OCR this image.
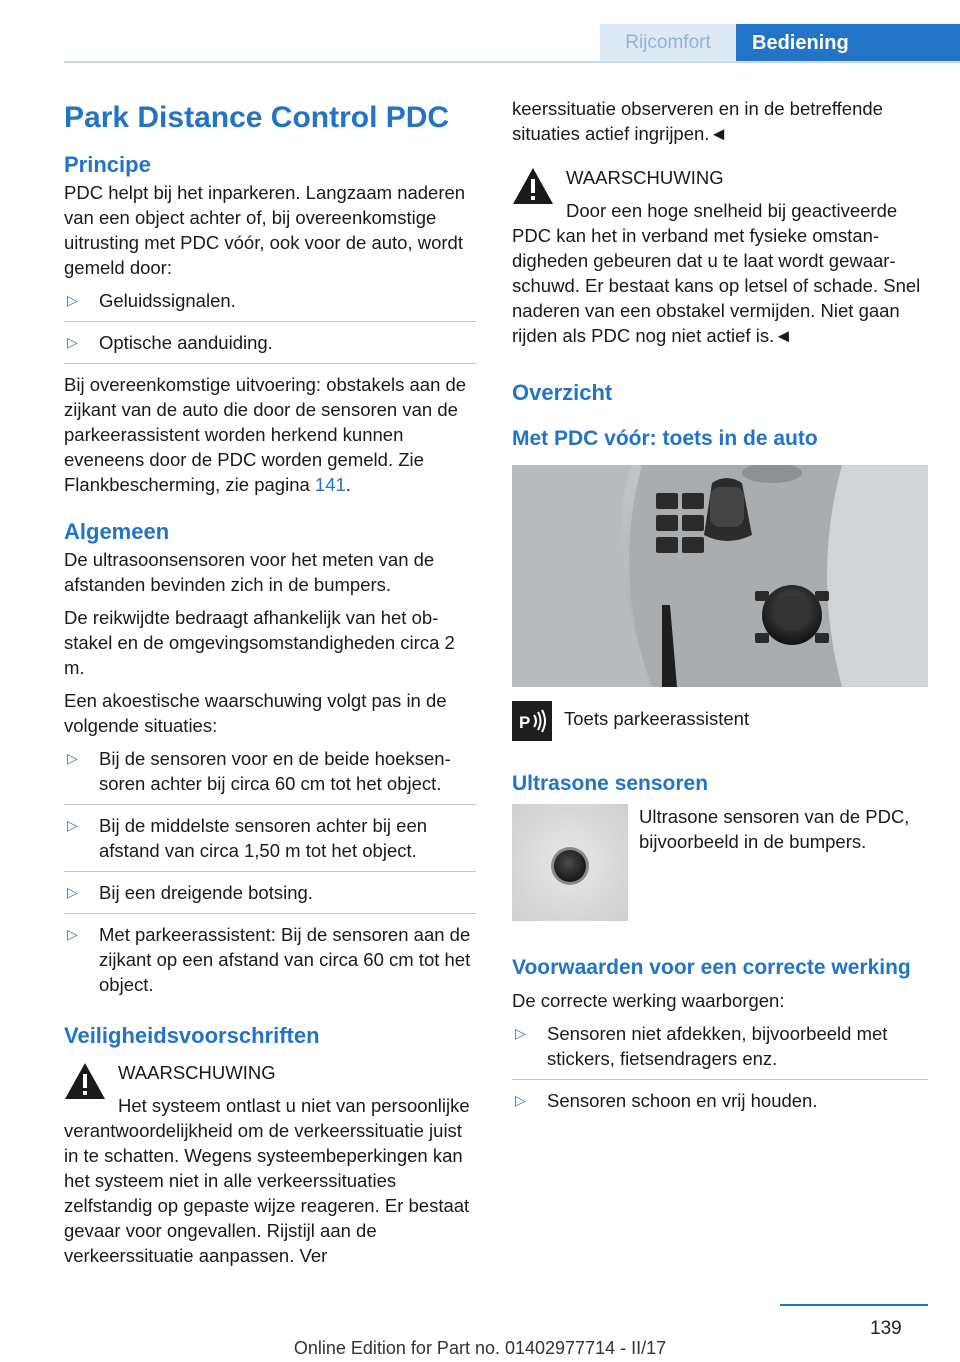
Rijcomfort	Bediening
Park Distance Control PDC
Principe

PDC helpt bij het inparkeren. Langzaam naderen van een object achter of, bij overeenkomstige uitrusting met PDC vóór, ook voor de auto, wordt gemeld door:

▷ Geluidssignalen.
▷ Optische aanduiding.

Bij overeenkomstige uitvoering: obstakels aan de zijkant van de auto die door de sensoren van de parkeerassistent worden herkend kunnen eveneens door de PDC worden gemeld. Zie Flankbescherming, zie pagina 141.

Algemeen

De ultrasoonsensoren voor het meten van de afstanden bevinden zich in de bumpers.

De reikwijdte bedraagt afhankelijk van het obstakel en de omgevingsomstandigheden circa 2 m.

Een akoestische waarschuwing volgt pas in de volgende situaties:

▷ Bij de sensoren voor en de beide hoeksensoren achter bij circa 60 cm tot het object.
▷ Bij de middelste sensoren achter bij een afstand van circa 1,50 m tot het object.
▷ Bij een dreigende botsing.
▷ Met parkeerassistent: Bij de sensoren aan de zijkant op een afstand van circa 60 cm tot het object.
Veiligheidsvoorschriften
WAARSCHUWING

Het systeem ontlast u niet van persoonlijke verantwoordelijkheid om de verkeerssituatie juist in te schatten. Wegens systeembeperkingen kan het systeem niet in alle verkeerssituaties zelfstandig op gepaste wijze reageren. Er bestaat gevaar voor ongevallen. Rijstijl aan de verkeerssituatie aanpassen. Ver

keerssituatie observeren en in de betreffende situaties actief ingrijpen.◄

WAARSCHUWING

Door een hoge snelheid bij geactiveerde PDC kan het in verband met fysieke omstandigheden gebeuren dat u te laat wordt gewaarschuwd. Er bestaat kans op letsel of schade. Snel naderen van een obstakel vermijden. Niet gaan rijden als PDC nog niet actief is.◄

Overzicht
Met PDC vóór: toets in de auto
P Toets parkeerassistent

Ultrasone sensoren

Ultrasone sensoren van de PDC, bijvoorbeeld in de bumpers.

Voorwaarden voor een correcte werking

De correcte werking waarborgen:

▷ Sensoren niet afdekken, bijvoorbeeld met stickers, fietsendragers enz.
▷ Sensoren schoon en vrij houden.
139
Online Edition for Part no. 01402977714 - II/17
